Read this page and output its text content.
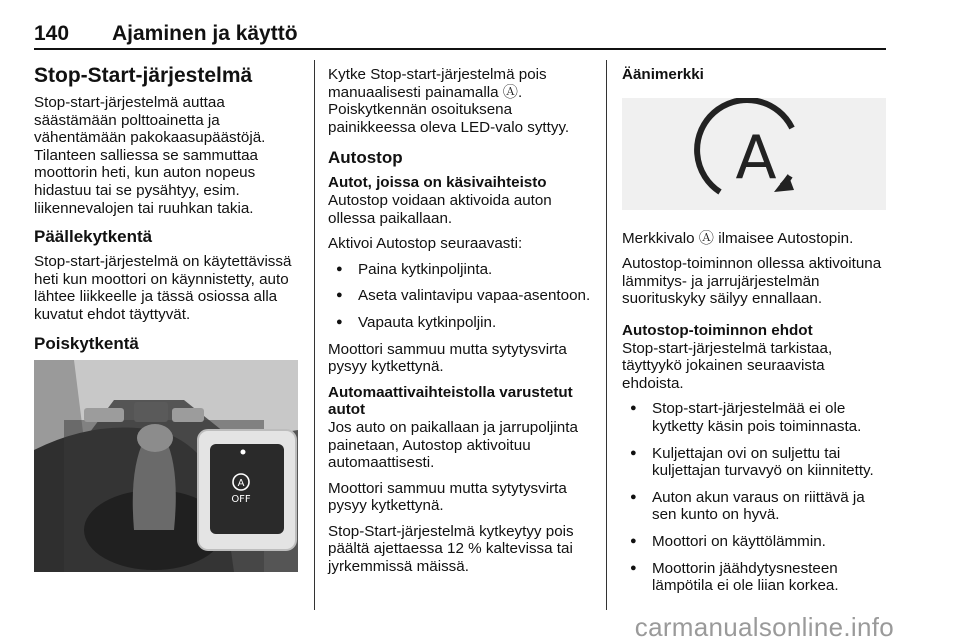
140 Ajaminen ja käyttö
Stop-Start-järjestelmä

Stop-start-järjestelmä auttaa säästämään polttoainetta ja vähentämään pakokaasupäästöjä. Tilanteen salliessa se sammuttaa moottorin heti, kun auton nopeus hidastuu tai se pysähtyy, esim. liikennevalojen tai ruuhkan takia.

Päällekytkentä

Stop-start-järjestelmä on käytettävissä heti kun moottori on käynnistetty, auto lähtee liikkeelle ja tässä osiossa alla kuvatut ehdot täyttyvät.

Poiskytkentä
A
OFF

Kytke Stop-start-järjestelmä pois manuaalisesti painamalla Ⓐ. Poiskytkennän osoituksena painikkeessa oleva LED-valo syttyy.

Autostop
Autot, joissa on käsivaihteisto

Autostop voidaan aktivoida auton ollessa paikallaan.

Aktivoi Autostop seuraavasti:

● Paina kytkinpoljinta.
● Aseta valintavipu vapaa-asentoon.
● Vapauta kytkinpoljin.

Moottori sammuu mutta sytytysvirta pysyy kytkettynä.

Automaattivaihteistolla varustetut autot

Jos auto on paikallaan ja jarrupoljinta painetaan, Autostop aktivoituu automaattisesti.

Moottori sammuu mutta sytytysvirta pysyy kytkettynä.

Stop-Start-järjestelmä kytkeytyy pois päältä ajettaessa 12 % kaltevissa tai jyrkemmissä mäissä.

Äänimerkki
A

Merkkivalo Ⓐ ilmaisee Autostopin.

Autostop-toiminnon ollessa aktivoituna lämmitys- ja jarrujärjestelmän suorituskyky säilyy ennallaan.

Autostop-toiminnon ehdot

Stop-start-järjestelmä tarkistaa, täyttyykö jokainen seuraavista ehdoista.

● Stop-start-järjestelmää ei ole kytketty käsin pois toiminnasta.
● Kuljettajan ovi on suljettu tai kuljettajan turvavyö on kiinnitetty.
● Auton akun varaus on riittävä ja sen kunto on hyvä.
● Moottori on käyttölämmin.
● Moottorin jäähdytysnesteen lämpötila ei ole liian korkea.
carmanualsonline.info
